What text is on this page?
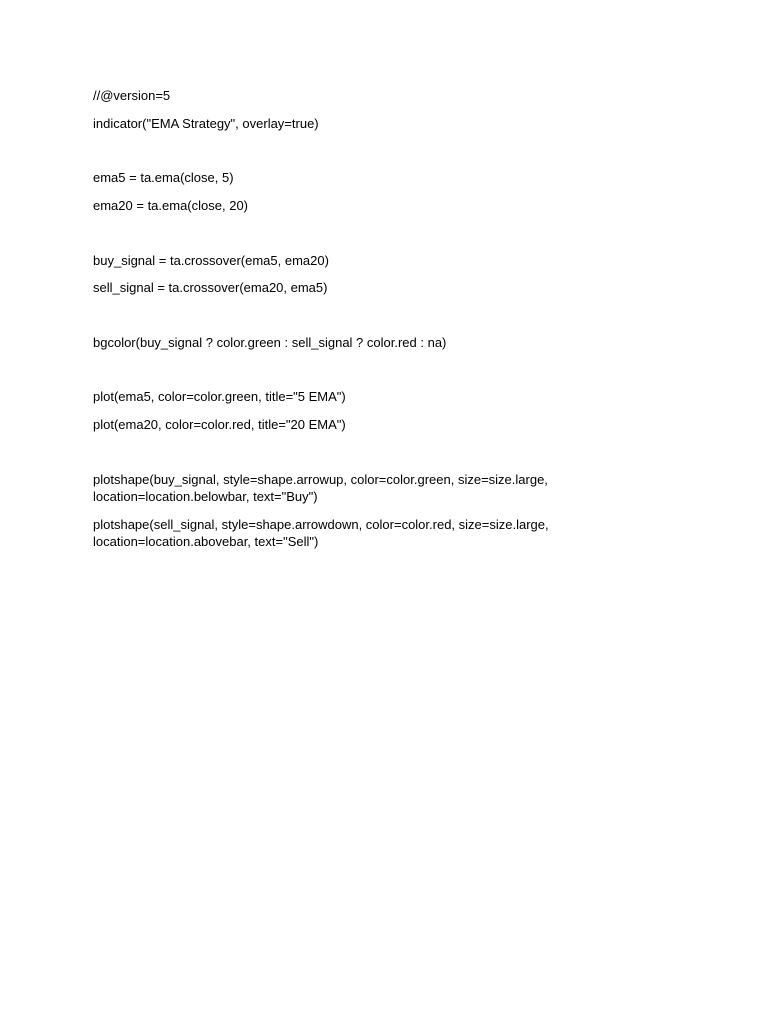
//@version=5
indicator("EMA Strategy", overlay=true)
ema5 = ta.ema(close, 5)
ema20 = ta.ema(close, 20)
buy_signal = ta.crossover(ema5, ema20)
sell_signal = ta.crossover(ema20, ema5)
bgcolor(buy_signal ? color.green : sell_signal ? color.red : na)
plot(ema5, color=color.green, title="5 EMA")
plot(ema20, color=color.red, title="20 EMA")
plotshape(buy_signal, style=shape.arrowup, color=color.green, size=size.large,
location=location.belowbar, text="Buy")
plotshape(sell_signal, style=shape.arrowdown, color=color.red, size=size.large,
location=location.abovebar, text="Sell")
